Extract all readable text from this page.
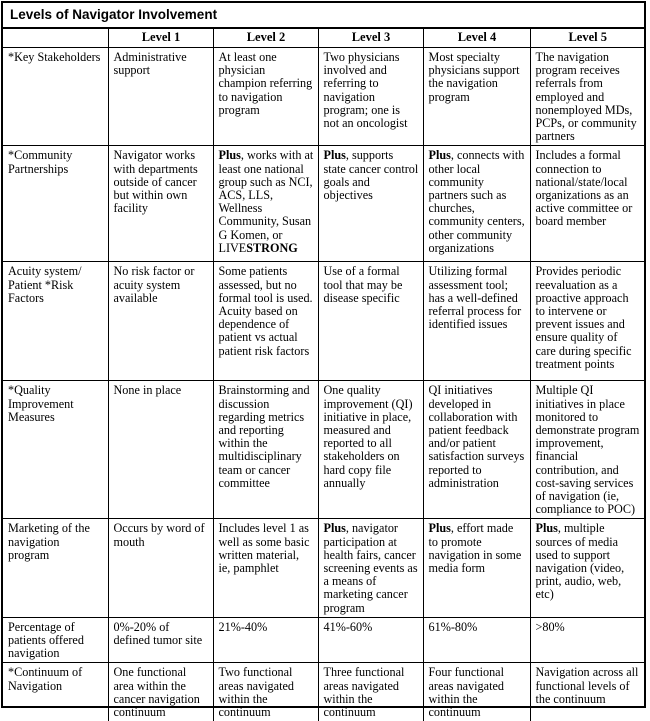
Levels of Navigator Involvement
	Level 1	Level 2	Level 3	Level 4	Level 5
*Key Stakeholders	Administrative support	At least one physician champion referring to navigation program	Two physicians involved and referring to navigation program; one is not an oncologist	Most specialty physicians support the navigation program	The navigation program receives referrals from employed and nonemployed MDs, PCPs, or community partners
*Community Partnerships	Navigator works with departments outside of cancer but within own facility	Plus, works with at least one national group such as NCI, ACS, LLS, Wellness Community, Susan G Komen, or LIVESTRONG	Plus, supports state cancer control goals and objectives	Plus, connects with other local community partners such as churches, community centers, other community organizations	Includes a formal connection to national/state/local organizations as an active committee or board member
Acuity system/ Patient *Risk Factors	No risk factor or acuity system available	Some patients assessed, but no formal tool is used. Acuity based on dependence of patient vs actual patient risk factors	Use of a formal tool that may be disease specific	Utilizing formal assessment tool; has a well-defined referral process for identified issues	Provides periodic reevaluation as a proactive approach to intervene or prevent issues and ensure quality of care during specific treatment points
*Quality Improvement Measures	None in place	Brainstorming and discussion regarding metrics and reporting within the multidisciplinary team or cancer committee	One quality improvement (QI) initiative in place, measured and reported to all stakeholders on hard copy file annually	QI initiatives developed in collaboration with patient feedback and/or patient satisfaction surveys reported to administration	Multiple QI initiatives in place monitored to demonstrate program improvement, financial contribution, and cost-saving services of navigation (ie, compliance to POC)
Marketing of the navigation program	Occurs by word of mouth	Includes level 1 as well as some basic written material, ie, pamphlet	Plus, navigator participation at health fairs, cancer screening events as a means of marketing cancer program	Plus, effort made to promote navigation in some media form	Plus, multiple sources of media used to support navigation (video, print, audio, web, etc)
Percentage of patients offered navigation	0%-20% of defined tumor site	21%-40%	41%-60%	61%-80%	>80%
*Continuum of Navigation	One functional area within the cancer navigation continuum	Two functional areas navigated within the continuum	Three functional areas navigated within the continuum	Four functional areas navigated within the continuum	Navigation across all functional levels of the continuum
